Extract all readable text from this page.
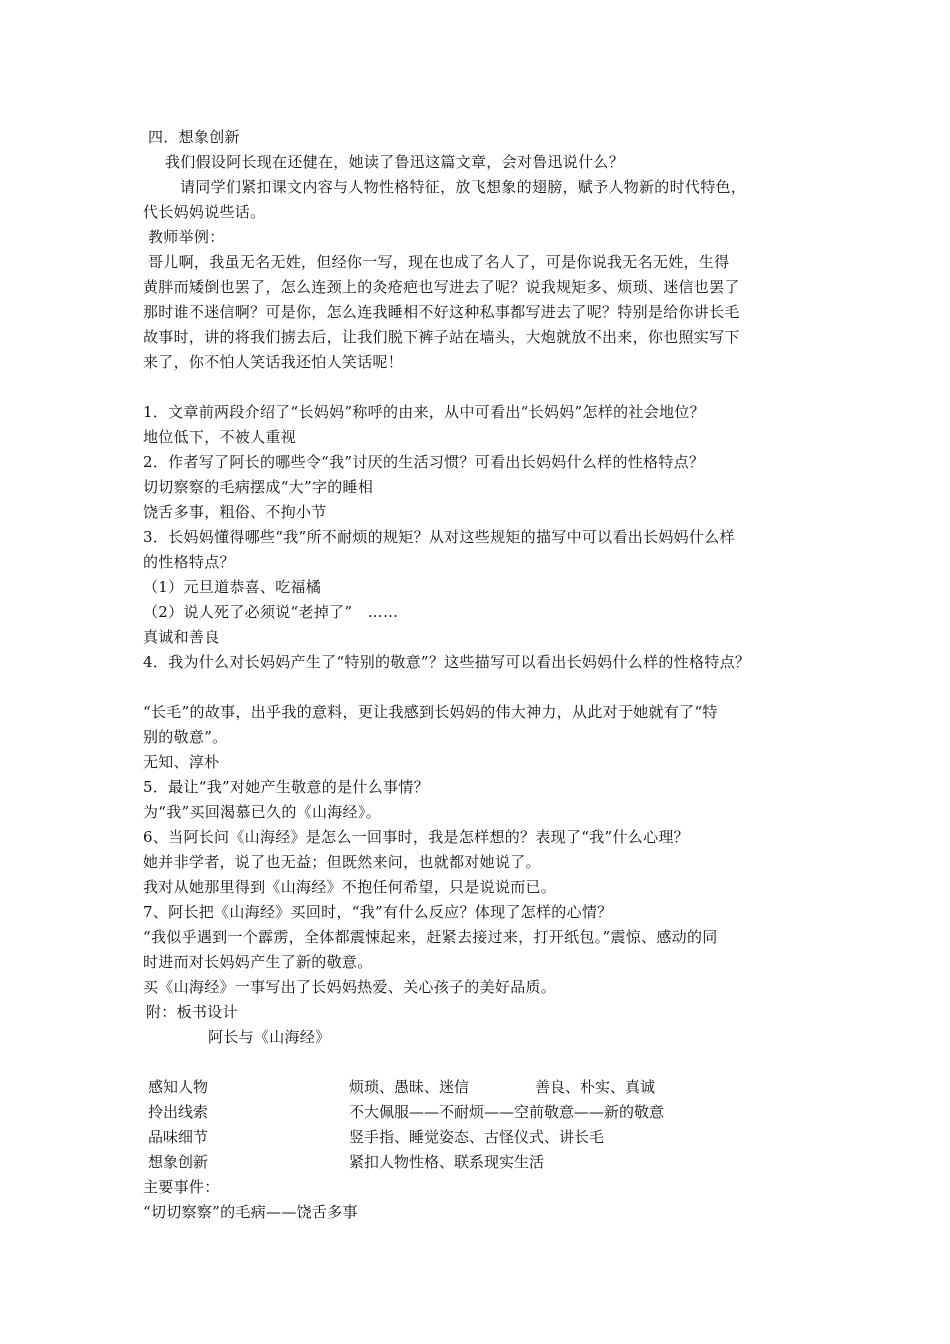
四．想象创新
我们假设阿长现在还健在，她读了鲁迅这篇文章，会对鲁迅说什么？
请同学们紧扣课文内容与人物性格特征，放飞想象的翅膀，赋予人物新的时代特色，
代长妈妈说些话。
教师举例：
哥儿啊，我虽无名无姓，但经你一写，现在也成了名人了，可是你说我无名无姓，生得
黄胖而矮倒也罢了，怎么连颈上的灸疮疤也写进去了呢？说我规矩多、烦琐、迷信也罢了
那时谁不迷信啊？可是你，怎么连我睡相不好这种私事都写进去了呢？特别是给你讲长毛
故事时，讲的将我们掳去后，让我们脱下裤子站在墙头，大炮就放不出来，你也照实写下
来了，你不怕人笑话我还怕人笑话呢！
1．文章前两段介绍了“长妈妈”称呼的由来，从中可看出“长妈妈”怎样的社会地位？
地位低下，不被人重视
2．作者写了阿长的哪些令“我”讨厌的生活习惯？可看出长妈妈什么样的性格特点？
切切察察的毛病摆成“大”字的睡相
饶舌多事，粗俗、不拘小节
3．长妈妈懂得哪些“我”所不耐烦的规矩？从对这些规矩的描写中可以看出长妈妈什么样
的性格特点？
（1）元旦道恭喜、吃福橘
（2）说人死了必须说“老掉了”　……
真诚和善良
4．我为什么对长妈妈产生了“特别的敬意”？这些描写可以看出长妈妈什么样的性格特点？
“长毛”的故事，出乎我的意料，更让我感到长妈妈的伟大神力，从此对于她就有了“特
别的敬意”。
无知、淳朴
5．最让“我”对她产生敬意的是什么事情？
为“我”买回渴慕已久的《山海经》。
6、当阿长问《山海经》是怎么一回事时，我是怎样想的？表现了“我”什么心理？
她并非学者，说了也无益；但既然来问，也就都对她说了。
我对从她那里得到《山海经》不抱任何希望，只是说说而已。
7、阿长把《山海经》买回时，“我”有什么反应？体现了怎样的心情？
“我似乎遇到一个霹雳，全体都震悚起来，赶紧去接过来，打开纸包。”震惊、感动的同
时进而对长妈妈产生了新的敬意。
买《山海经》一事写出了长妈妈热爱、关心孩子的美好品质。
附：板书设计
阿长与《山海经》
感知人物	烦琐、愚昧、迷信	善良、朴实、真诚
拎出线索	不大佩服——不耐烦——空前敬意——新的敬意
品味细节	竖手指、睡觉姿态、古怪仪式、讲长毛
想象创新	紧扣人物性格、联系现实生活
主要事件：
“切切察察”的毛病——饶舌多事
